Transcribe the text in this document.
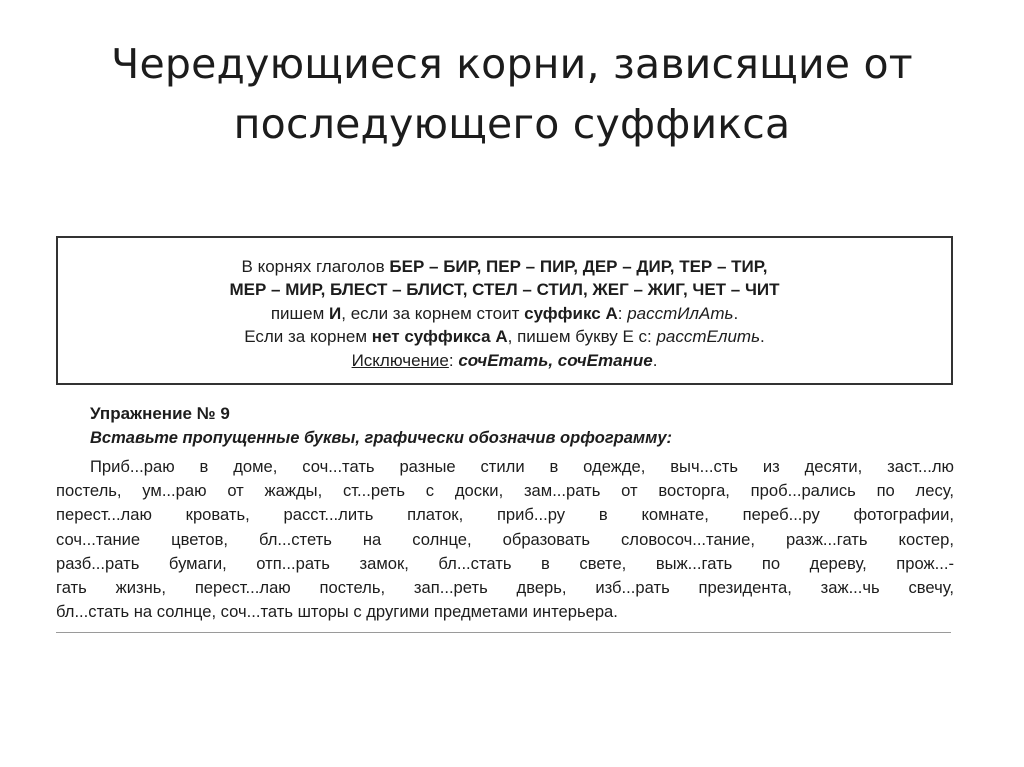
Чередующиеся корни, зависящие от
последующего суффикса
В корнях глаголов БЕР – БИР, ПЕР – ПИР, ДЕР – ДИР, ТЕР – ТИР,
МЕР – МИР, БЛЕСТ – БЛИСТ, СТЕЛ – СТИЛ, ЖЕГ – ЖИГ, ЧЕТ – ЧИТ
пишем И, если за корнем стоит суффикс А: расстИлАть.
Если за корнем нет суффикса А, пишем букву Е с: расстЕлить.
Исключение: сочЕтать, сочЕтание.
Упражнение № 9
Вставьте пропущенные буквы, графически обозначив орфограмму:
Приб...раю в доме, соч...тать разные стили в одежде, выч...сть из десяти, заст...лю
постель, ум...раю от жажды, ст...реть с доски, зам...рать от восторга, проб...рались по лесу,
перест...лаю кровать, расст...лить платок, приб...ру в комнате, переб...ру фотографии,
соч...тание цветов, бл...стеть на солнце, образовать словосоч...тание, разж...гать костер,
разб...рать бумаги, отп...рать замок, бл...стать в свете, выж...гать по дереву, прож...-
гать жизнь, перест...лаю постель, зап...реть дверь, изб...рать президента, заж...чь свечу,
бл...стать на солнце, соч...тать шторы с другими предметами интерьера.
